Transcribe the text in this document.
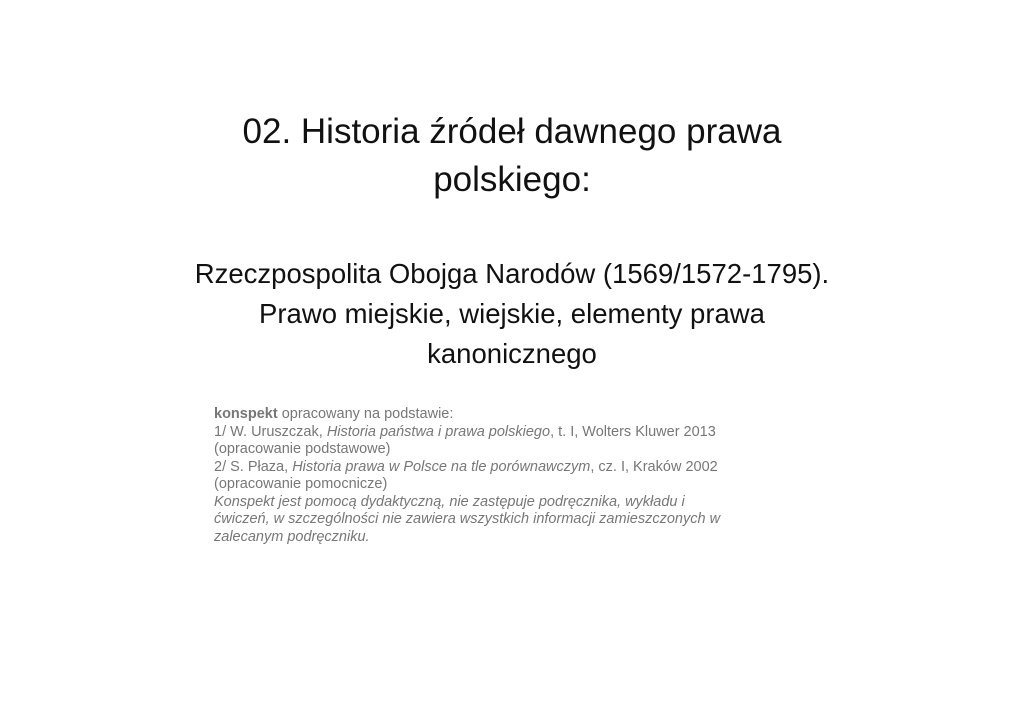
02. Historia źródeł dawnego prawa
polskiego:
Rzeczpospolita Obojga Narodów (1569/1572-1795).
Prawo miejskie, wiejskie, elementy prawa
kanonicznego

konspekt opracowany na podstawie:

1/ W. Uruszczak, Historia państwa i prawa polskiego, t. I, Wolters Kluwer 2013
(opracowanie podstawowe)

2/ S. Płaza, Historia prawa w Polsce na tle porównawczym, cz. I, Kraków 2002
(opracowanie pomocnicze)

Konspekt jest pomocą dydaktyczną, nie zastępuje podręcznika, wykładu i
ćwiczeń, w szczególności nie zawiera wszystkich informacji zamieszczonych w
zalecanym podręczniku.
